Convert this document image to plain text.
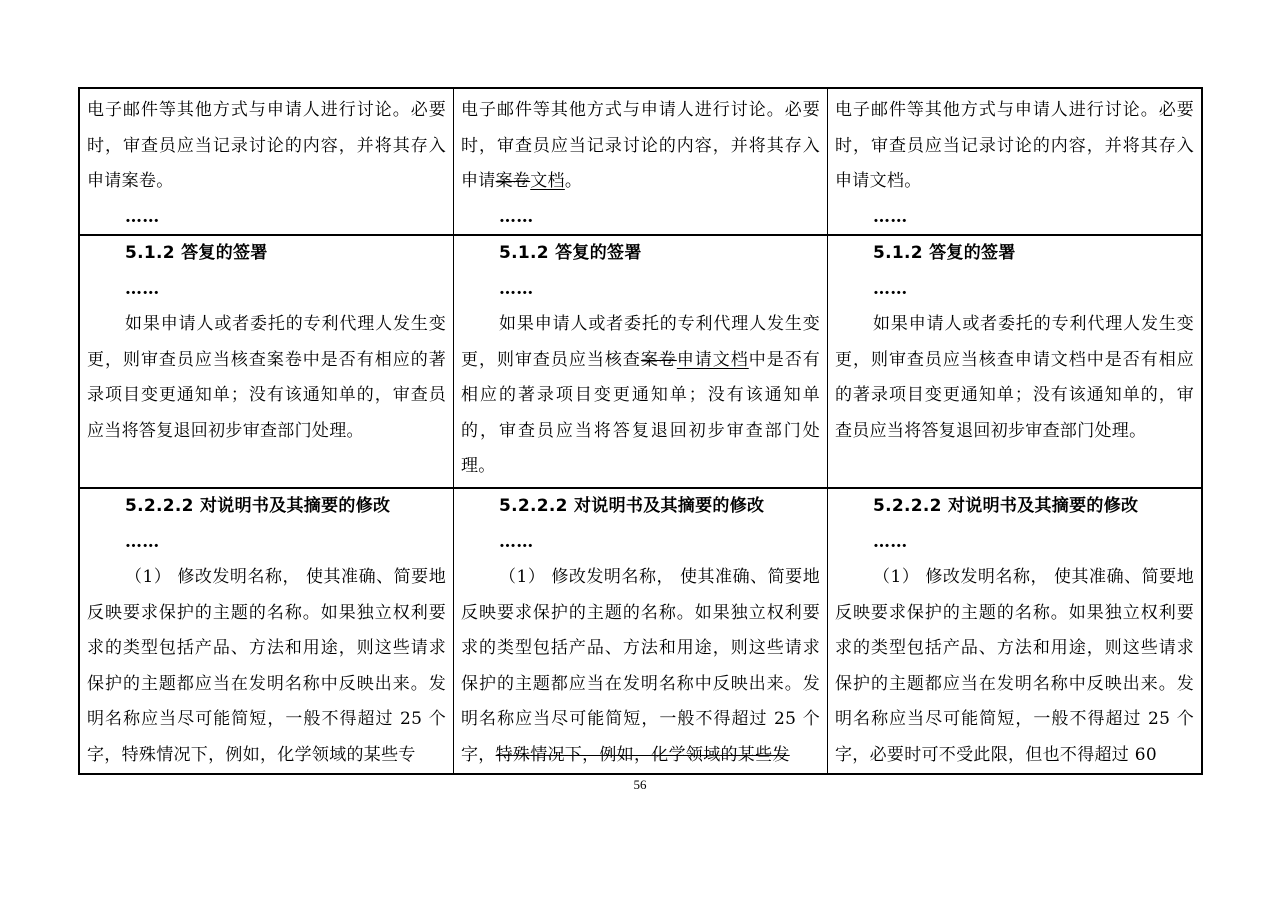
电子邮件等其他方式与申请人进行讨论。必要时，审查员应当记录讨论的内容，并将其存入申请案卷。

……

电子邮件等其他方式与申请人进行讨论。必要时，审查员应当记录讨论的内容，并将其存入申请案卷文档。

……

电子邮件等其他方式与申请人进行讨论。必要时，审查员应当记录讨论的内容，并将其存入申请文档。

……

5.1.2 答复的签署

……

如果申请人或者委托的专利代理人发生变更，则审查员应当核查案卷中是否有相应的著录项目变更通知单；没有该通知单的，审查员应当将答复退回初步审查部门处理。

5.1.2 答复的签署

……

如果申请人或者委托的专利代理人发生变更，则审查员应当核查案卷申请文档中是否有相应的著录项目变更通知单；没有该通知单的，审查员应当将答复退回初步审查部门处理。

5.1.2 答复的签署

……

如果申请人或者委托的专利代理人发生变更，则审查员应当核查申请文档中是否有相应的著录项目变更通知单；没有该通知单的，审查员应当将答复退回初步审查部门处理。

5.2.2.2 对说明书及其摘要的修改

……

（1） 修改发明名称， 使其准确、简要地反映要求保护的主题的名称。如果独立权利要求的类型包括产品、方法和用途，则这些请求保护的主题都应当在发明名称中反映出来。发明名称应当尽可能简短，一般不得超过 25 个字，特殊情况下，例如，化学领域的某些专

5.2.2.2 对说明书及其摘要的修改

……

（1） 修改发明名称， 使其准确、简要地反映要求保护的主题的名称。如果独立权利要求的类型包括产品、方法和用途，则这些请求保护的主题都应当在发明名称中反映出来。发明名称应当尽可能简短，一般不得超过 25 个字，特殊情况下，例如，化学领域的某些发

5.2.2.2 对说明书及其摘要的修改

……

（1） 修改发明名称， 使其准确、简要地反映要求保护的主题的名称。如果独立权利要求的类型包括产品、方法和用途，则这些请求保护的主题都应当在发明名称中反映出来。发明名称应当尽可能简短，一般不得超过 25 个字，必要时可不受此限，但也不得超过 60

56
